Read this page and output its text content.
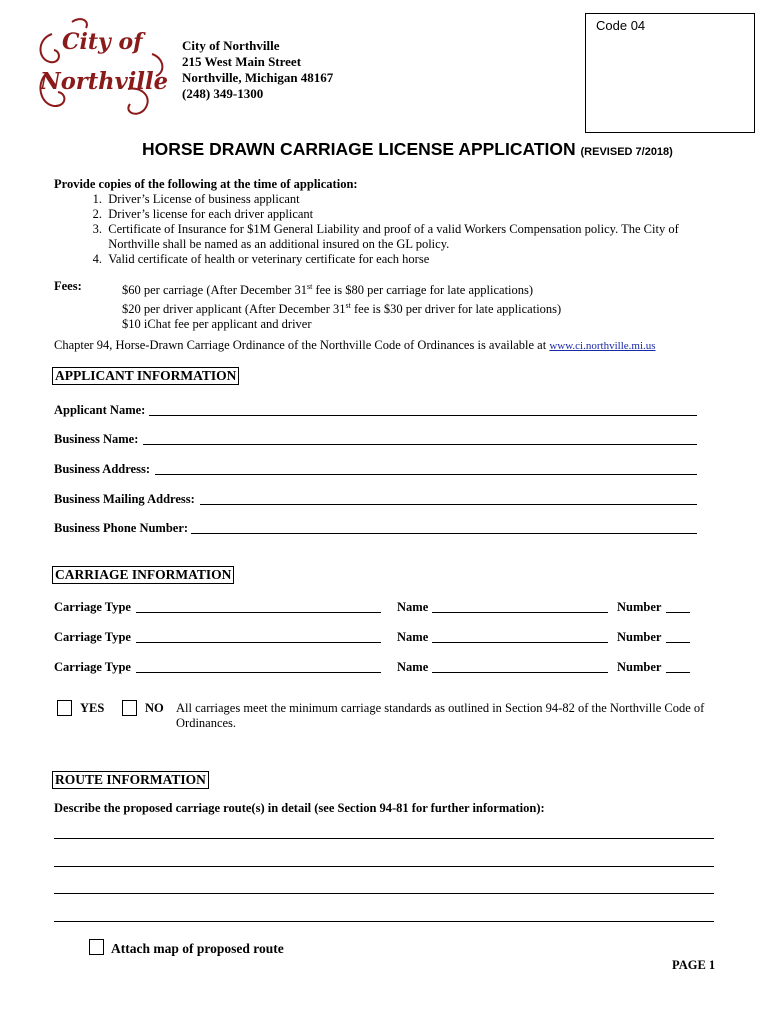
City of
Northville
Code 04
City of Northville
215 West Main Street
Northville, Michigan 48167
(248) 349-1300
HORSE DRAWN CARRIAGE LICENSE APPLICATION (REVISED 7/2018)
Provide copies of the following at the time of application:
1. Driver’s License of business applicant
2. Driver’s license for each driver applicant
3. Certificate of Insurance for $1M General Liability and proof of a valid Workers Compensation policy. The City of
Northville shall be named as an additional insured on the GL policy.
4. Valid certificate of health or veterinary certificate for each horse
Fees:	$60 per carriage (After December 31st fee is $80 per carriage for late applications)
$20 per driver applicant (After December 31st fee is $30 per driver for late applications)
$10 iChat fee per applicant and driver
Chapter 94, Horse-Drawn Carriage Ordinance of the Northville Code of Ordinances is available at www.ci.northville.mi.us
APPLICANT INFORMATION
Applicant Name:
Business Name:
Business Address:
Business Mailing Address:
Business Phone Number:
CARRIAGE INFORMATION
Carriage Type	Name	Number
Carriage Type	Name	Number
Carriage Type	Name	Number
YES	NO All carriages meet the minimum carriage standards as outlined in Section 94-82 of the Northville Code of
Ordinances.
ROUTE INFORMATION
Describe the proposed carriage route(s) in detail (see Section 94-81 for further information):
Attach map of proposed route
PAGE 1
